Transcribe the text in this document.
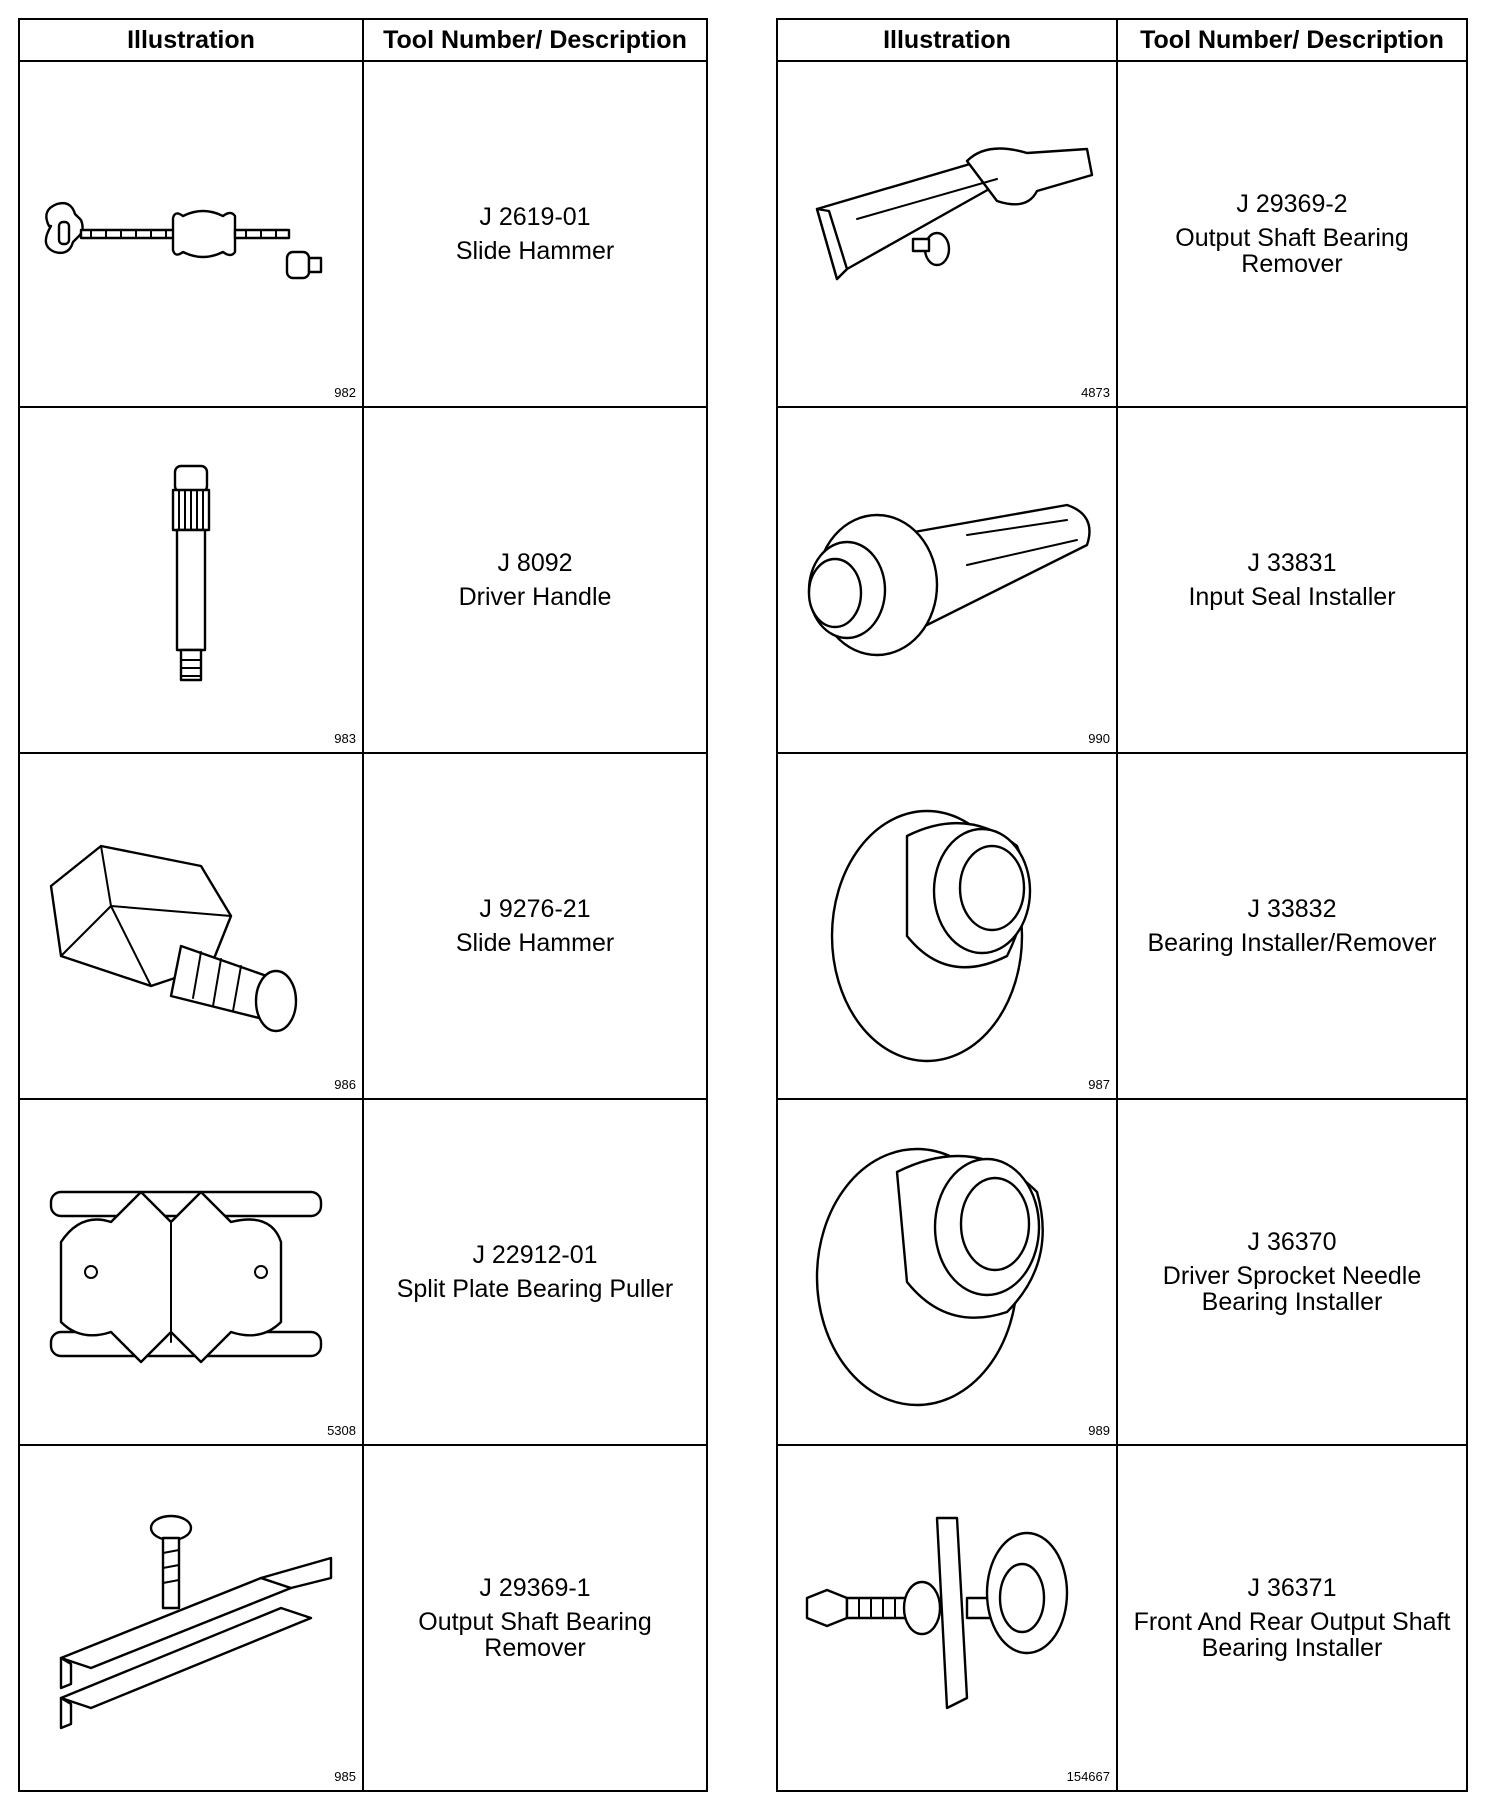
Illustration	Tool Number/ Description

982	J 2619-01
Slide Hammer

983	J 8092
Driver Handle

986	J 9276-21
Slide Hammer

5308	J 22912-01
Split Plate Bearing Puller

985	J 29369-1
Output Shaft Bearing Remover
Illustration	Tool Number/ Description

4873	J 29369-2
Output Shaft Bearing Remover

990	J 33831
Input Seal Installer

987	J 33832
Bearing Installer/Remover

989	J 36370
Driver Sprocket Needle Bearing Installer

154667	J 36371
Front And Rear Output Shaft Bearing Installer
